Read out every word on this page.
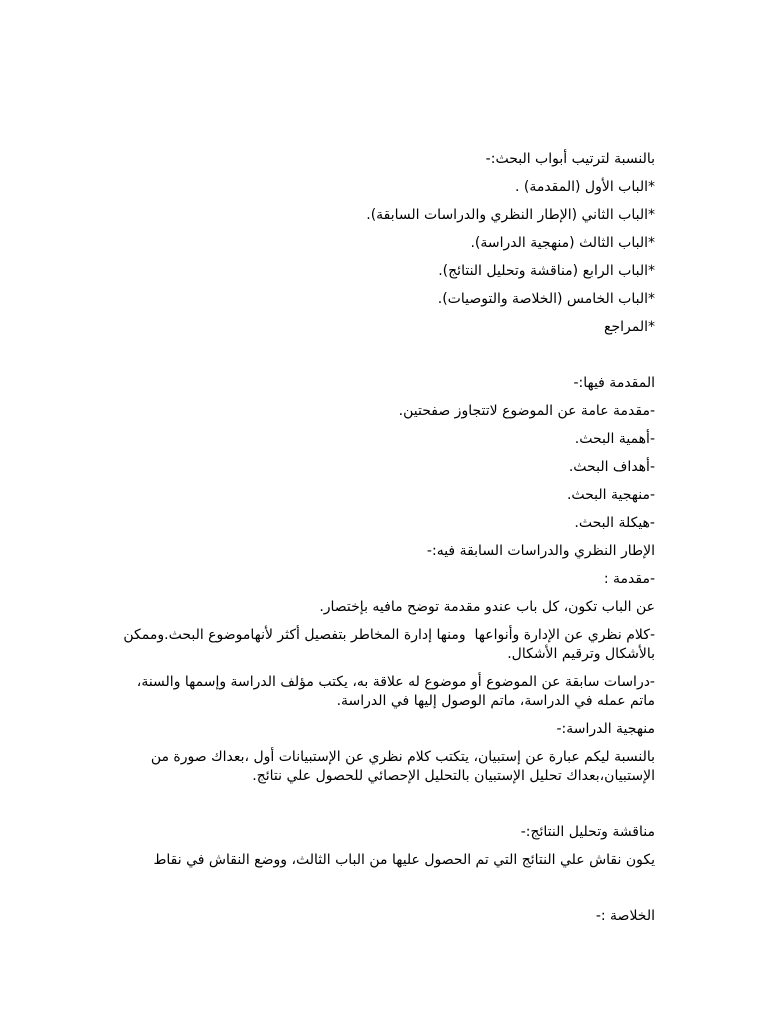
بالنسبة لترتيب أبواب البحث:-

*الباب الأول (المقدمة) .

*الباب الثاني (الإطار النظري والدراسات السابقة).

*الباب الثالث (منهجية الدراسة).

*الباب الرابع (مناقشة وتحليل النتائج).

*الباب الخامس (الخلاصة والتوصيات).

*المراجع

المقدمة فيها:-

-مقدمة عامة عن الموضوع لاتتجاوز صفحتين.

-أهمية البحث.

-أهداف البحث.

-منهجية البحث.

-هيكلة البحث.

الإطار النظري والدراسات السابقة فيه:-

-مقدمة :

عن الباب تكون، كل باب عندو مقدمة توضح مافيه بإختصار.

-كلام نظري عن الإدارة وأنواعها  ومنها إدارة المخاطر بتفصيل أكثر لأنهاموضوع البحث.وممكن بالأشكال وترقيم الأشكال.

-دراسات سابقة عن الموضوع أو موضوع له علاقة به، يكتب مؤلف الدراسة وإسمها والسنة، ماتم عمله في الدراسة، ماتم الوصول إليها في الدراسة.

منهجية الدراسة:-

بالنسبة ليكم عبارة عن إستبيان، يتكتب كلام نظري عن الإستبيانات أول ،بعداك صورة من الإستبيان،بعداك تحليل الإستبيان بالتحليل الإحصائي للحصول علي نتائج.

مناقشة وتحليل النتائج:-

يكون نقاش علي النتائج التي تم الحصول عليها من الباب الثالث، ووضع النقاش في نقاط

الخلاصة :-
